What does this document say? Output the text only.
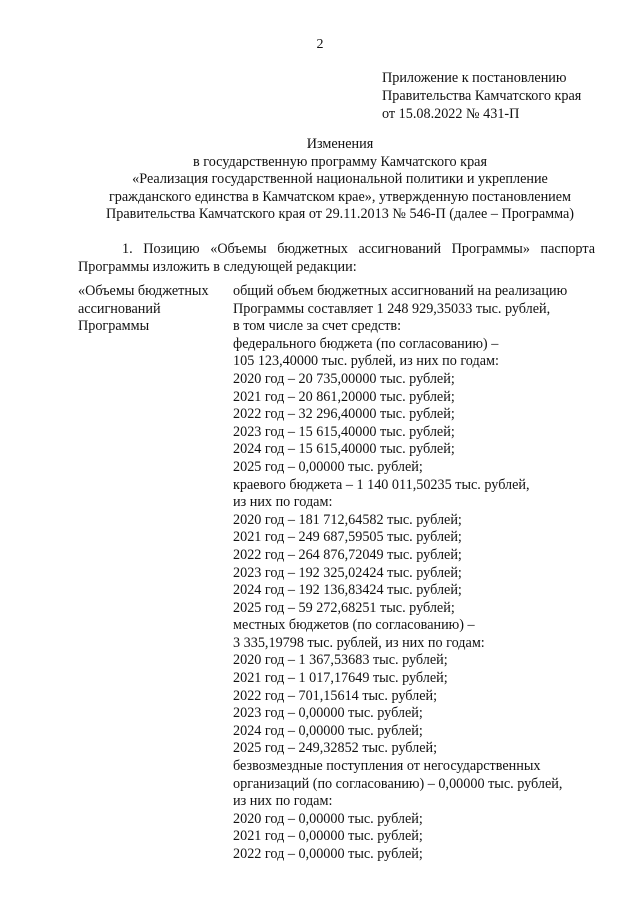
2
Приложение к постановлению
Правительства Камчатского края
от 15.08.2022 № 431-П
Изменения
в государственную программу Камчатского края
«Реализация государственной национальной политики и укрепление
гражданского единства в Камчатском крае», утвержденную постановлением
Правительства Камчатского края от 29.11.2013 № 546-П (далее – Программа)
1. Позицию «Объемы бюджетных ассигнований Программы» паспорта
Программы изложить в следующей редакции:
«Объемы бюджетных
ассигнований
Программы
общий объем бюджетных ассигнований на реализацию
Программы составляет 1 248 929,35033 тыс. рублей,
в том числе за счет средств:
федерального бюджета (по согласованию) –
105 123,40000 тыс. рублей, из них по годам:
2020 год – 20 735,00000 тыс. рублей;
2021 год – 20 861,20000 тыс. рублей;
2022 год – 32 296,40000 тыс. рублей;
2023 год – 15 615,40000 тыс. рублей;
2024 год – 15 615,40000 тыс. рублей;
2025 год – 0,00000 тыс. рублей;
краевого бюджета – 1 140 011,50235 тыс. рублей,
из них по годам:
2020 год – 181 712,64582 тыс. рублей;
2021 год – 249 687,59505 тыс. рублей;
2022 год – 264 876,72049 тыс. рублей;
2023 год – 192 325,02424 тыс. рублей;
2024 год – 192 136,83424 тыс. рублей;
2025 год – 59 272,68251 тыс. рублей;
местных бюджетов (по согласованию) –
3 335,19798 тыс. рублей, из них по годам:
2020 год – 1 367,53683 тыс. рублей;
2021 год – 1 017,17649 тыс. рублей;
2022 год – 701,15614 тыс. рублей;
2023 год – 0,00000 тыс. рублей;
2024 год – 0,00000 тыс. рублей;
2025 год – 249,32852 тыс. рублей;
безвозмездные поступления от негосударственных
организаций (по согласованию) – 0,00000 тыс. рублей,
из них по годам:
2020 год – 0,00000 тыс. рублей;
2021 год – 0,00000 тыс. рублей;
2022 год – 0,00000 тыс. рублей;
